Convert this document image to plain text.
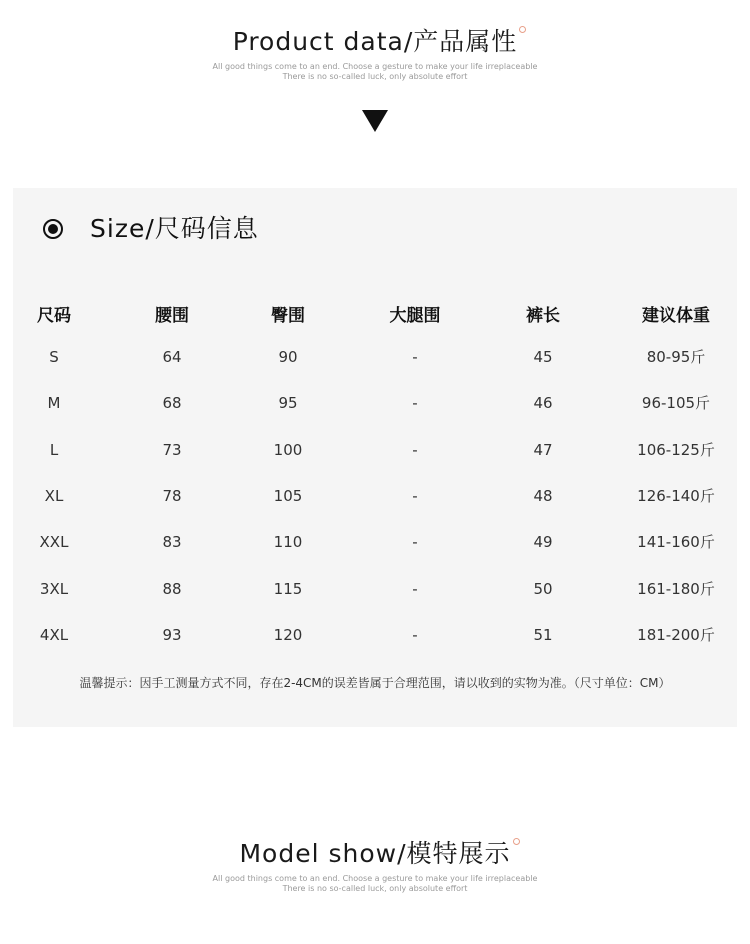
Product data/产品属性
All good things come to an end. Choose a gesture to make your life irreplaceable
There is no so-called luck, only absolute effort
Size/尺码信息
尺码	腰围	臀围	大腿围	裤长	建议体重
S	64	90	-	45	80-95斤
M	68	95	-	46	96-105斤
L	73	100	-	47	106-125斤
XL	78	105	-	48	126-140斤
XXL	83	110	-	49	141-160斤
3XL	88	115	-	50	161-180斤
4XL	93	120	-	51	181-200斤
温馨提示：因手工测量方式不同，存在2-4CM的误差皆属于合理范围，请以收到的实物为准。（尺寸单位：CM）
Model show/模特展示
All good things come to an end. Choose a gesture to make your life irreplaceable
There is no so-called luck, only absolute effort
